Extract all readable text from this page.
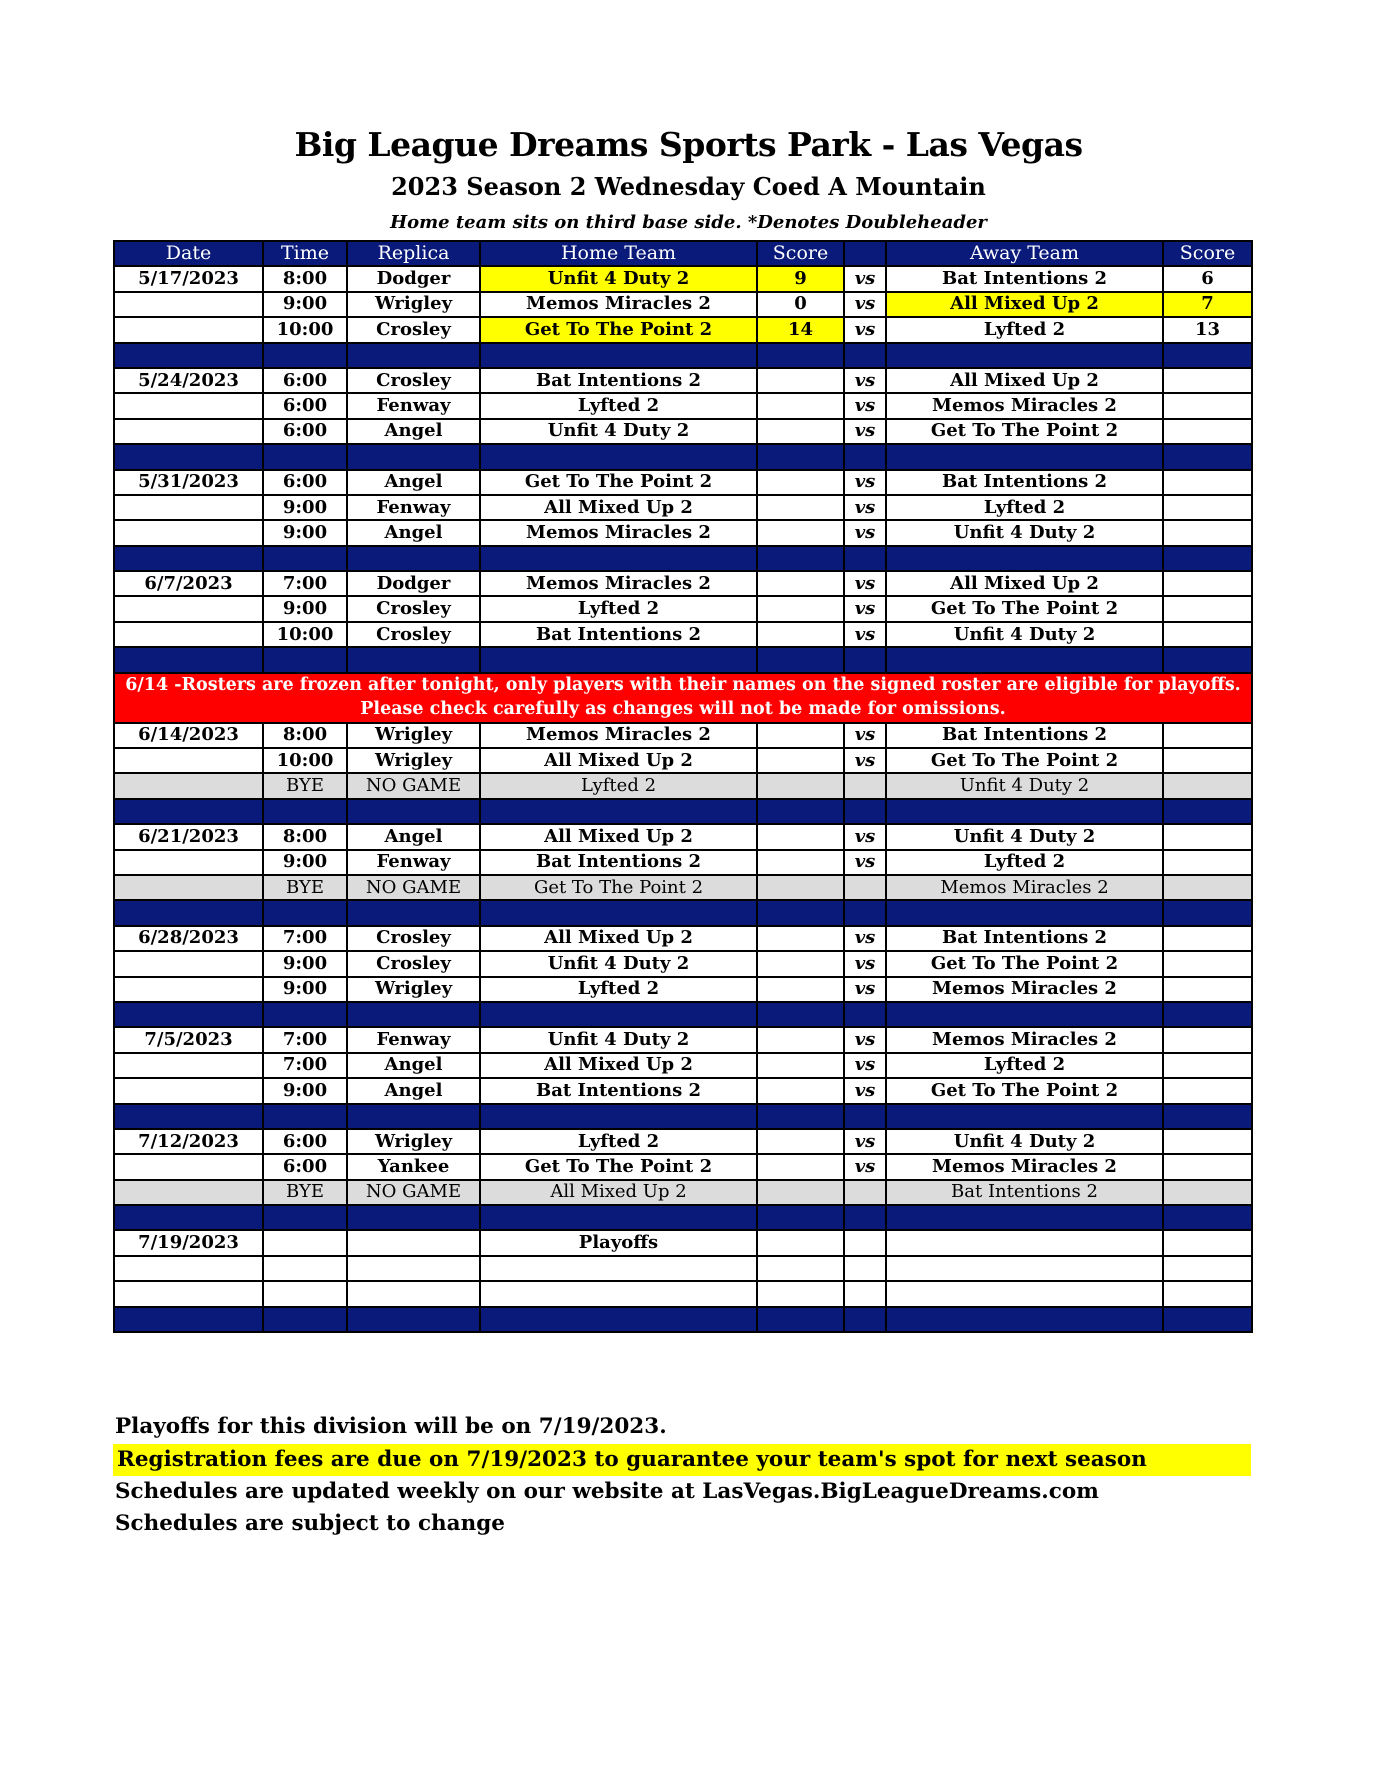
Big League Dreams Sports Park - Las Vegas
2023 Season 2 Wednesday Coed A Mountain
Home team sits on third base side. *Denotes Doubleheader
Date	Time	Replica	Home Team	Score		Away Team	Score
5/17/2023	8:00	Dodger	Unfit 4 Duty 2	9	vs	Bat Intentions 2	6
	9:00	Wrigley	Memos Miracles 2	0	vs	All Mixed Up 2	7
	10:00	Crosley	Get To The Point 2	14	vs	Lyfted 2	13

5/24/2023	6:00	Crosley	Bat Intentions 2		vs	All Mixed Up 2	
	6:00	Fenway	Lyfted 2		vs	Memos Miracles 2	
	6:00	Angel	Unfit 4 Duty 2		vs	Get To The Point 2	

5/31/2023	6:00	Angel	Get To The Point 2		vs	Bat Intentions 2	
	9:00	Fenway	All Mixed Up 2		vs	Lyfted 2	
	9:00	Angel	Memos Miracles 2		vs	Unfit 4 Duty 2	

6/7/2023	7:00	Dodger	Memos Miracles 2		vs	All Mixed Up 2	
	9:00	Crosley	Lyfted 2		vs	Get To The Point 2	
	10:00	Crosley	Bat Intentions 2		vs	Unfit 4 Duty 2	

6/14 -Rosters are frozen after tonight, only players with their names on the signed roster are eligible for playoffs.
Please check carefully as changes will not be made for omissions.							

6/14/2023	8:00	Wrigley	Memos Miracles 2		vs	Bat Intentions 2	
	10:00	Wrigley	All Mixed Up 2		vs	Get To The Point 2	
	BYE	NO GAME	Lyfted 2			Unfit 4 Duty 2	

6/21/2023	8:00	Angel	All Mixed Up 2		vs	Unfit 4 Duty 2	
	9:00	Fenway	Bat Intentions 2		vs	Lyfted 2	
	BYE	NO GAME	Get To The Point 2			Memos Miracles 2	

6/28/2023	7:00	Crosley	All Mixed Up 2		vs	Bat Intentions 2	
	9:00	Crosley	Unfit 4 Duty 2		vs	Get To The Point 2	
	9:00	Wrigley	Lyfted 2		vs	Memos Miracles 2	

7/5/2023	7:00	Fenway	Unfit 4 Duty 2		vs	Memos Miracles 2	
	7:00	Angel	All Mixed Up 2		vs	Lyfted 2	
	9:00	Angel	Bat Intentions 2		vs	Get To The Point 2	

7/12/2023	6:00	Wrigley	Lyfted 2		vs	Unfit 4 Duty 2	
	6:00	Yankee	Get To The Point 2		vs	Memos Miracles 2	
	BYE	NO GAME	All Mixed Up 2			Bat Intentions 2	

7/19/2023			Playoffs				

Playoffs for this division will be on 7/19/2023.
Registration fees are due on 7/19/2023 to guarantee your team's spot for next season
Schedules are updated weekly on our website at LasVegas.BigLeagueDreams.com
Schedules are subject to change
